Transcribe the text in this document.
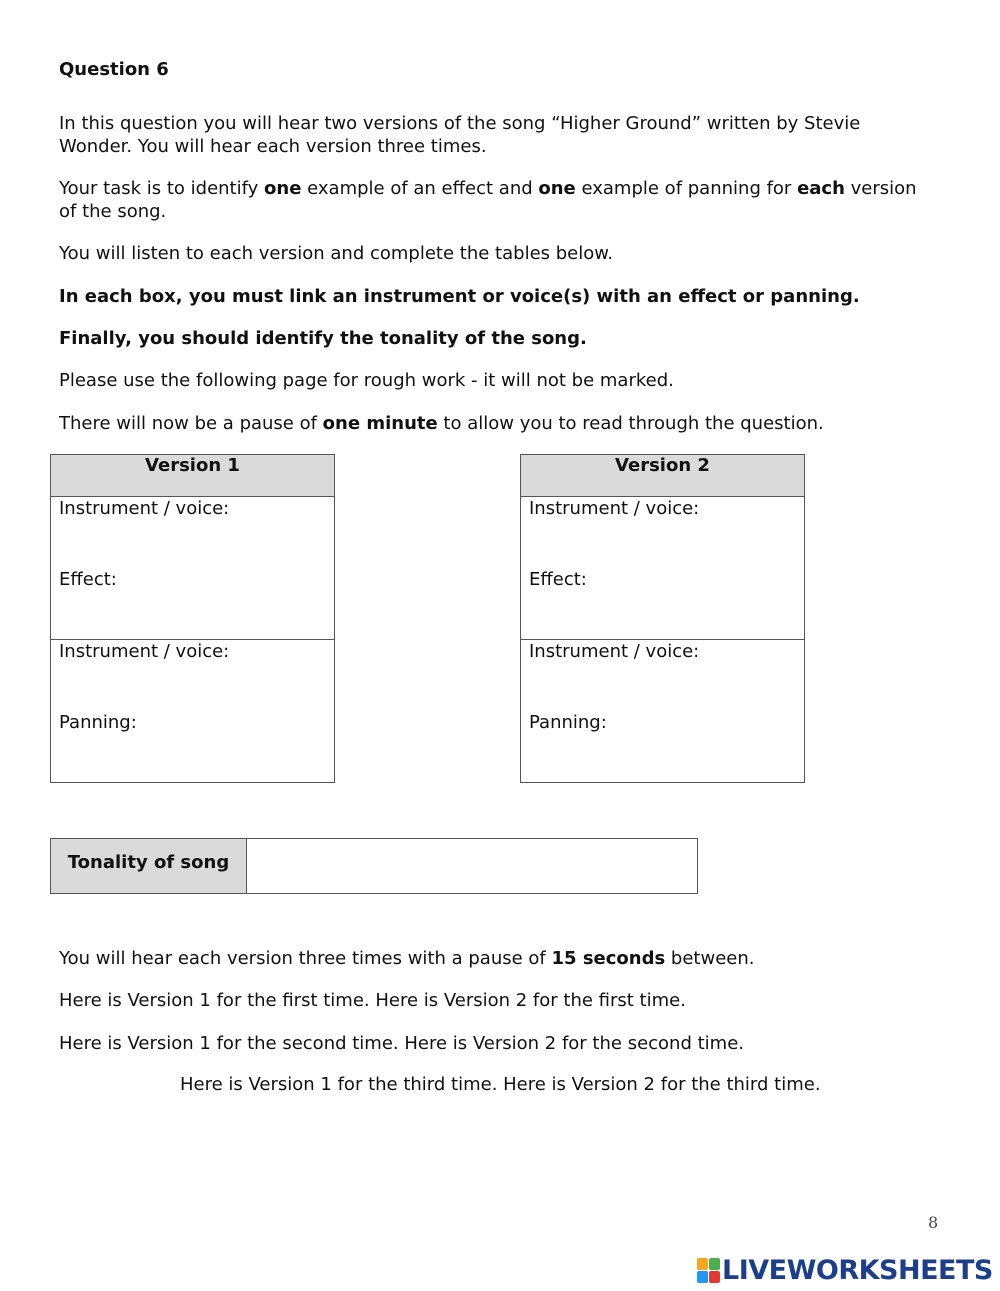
Question 6

In this question you will hear two versions of the song “Higher Ground” written by Stevie Wonder. You will hear each version three times.

Your task is to identify one example of an effect and one example of panning for each version of the song.

You will listen to each version and complete the tables below.

In each box, you must link an instrument or voice(s) with an effect or panning.

Finally, you should identify the tonality of the song.

Please use the following page for rough work - it will not be marked.

There will now be a pause of one minute to allow you to read through the question.

Version 1
Instrument / voice:
Effect:
Instrument / voice:
Panning:
Version 2
Instrument / voice:
Effect:
Instrument / voice:
Panning:
Tonality of song

You will hear each version three times with a pause of 15 seconds between.

Here is Version 1 for the first time. Here is Version 2 for the first time.

Here is Version 1 for the second time. Here is Version 2 for the second time.

Here is Version 1 for the third time. Here is Version 2 for the third time.

8
LIVEWORKSHEETS
